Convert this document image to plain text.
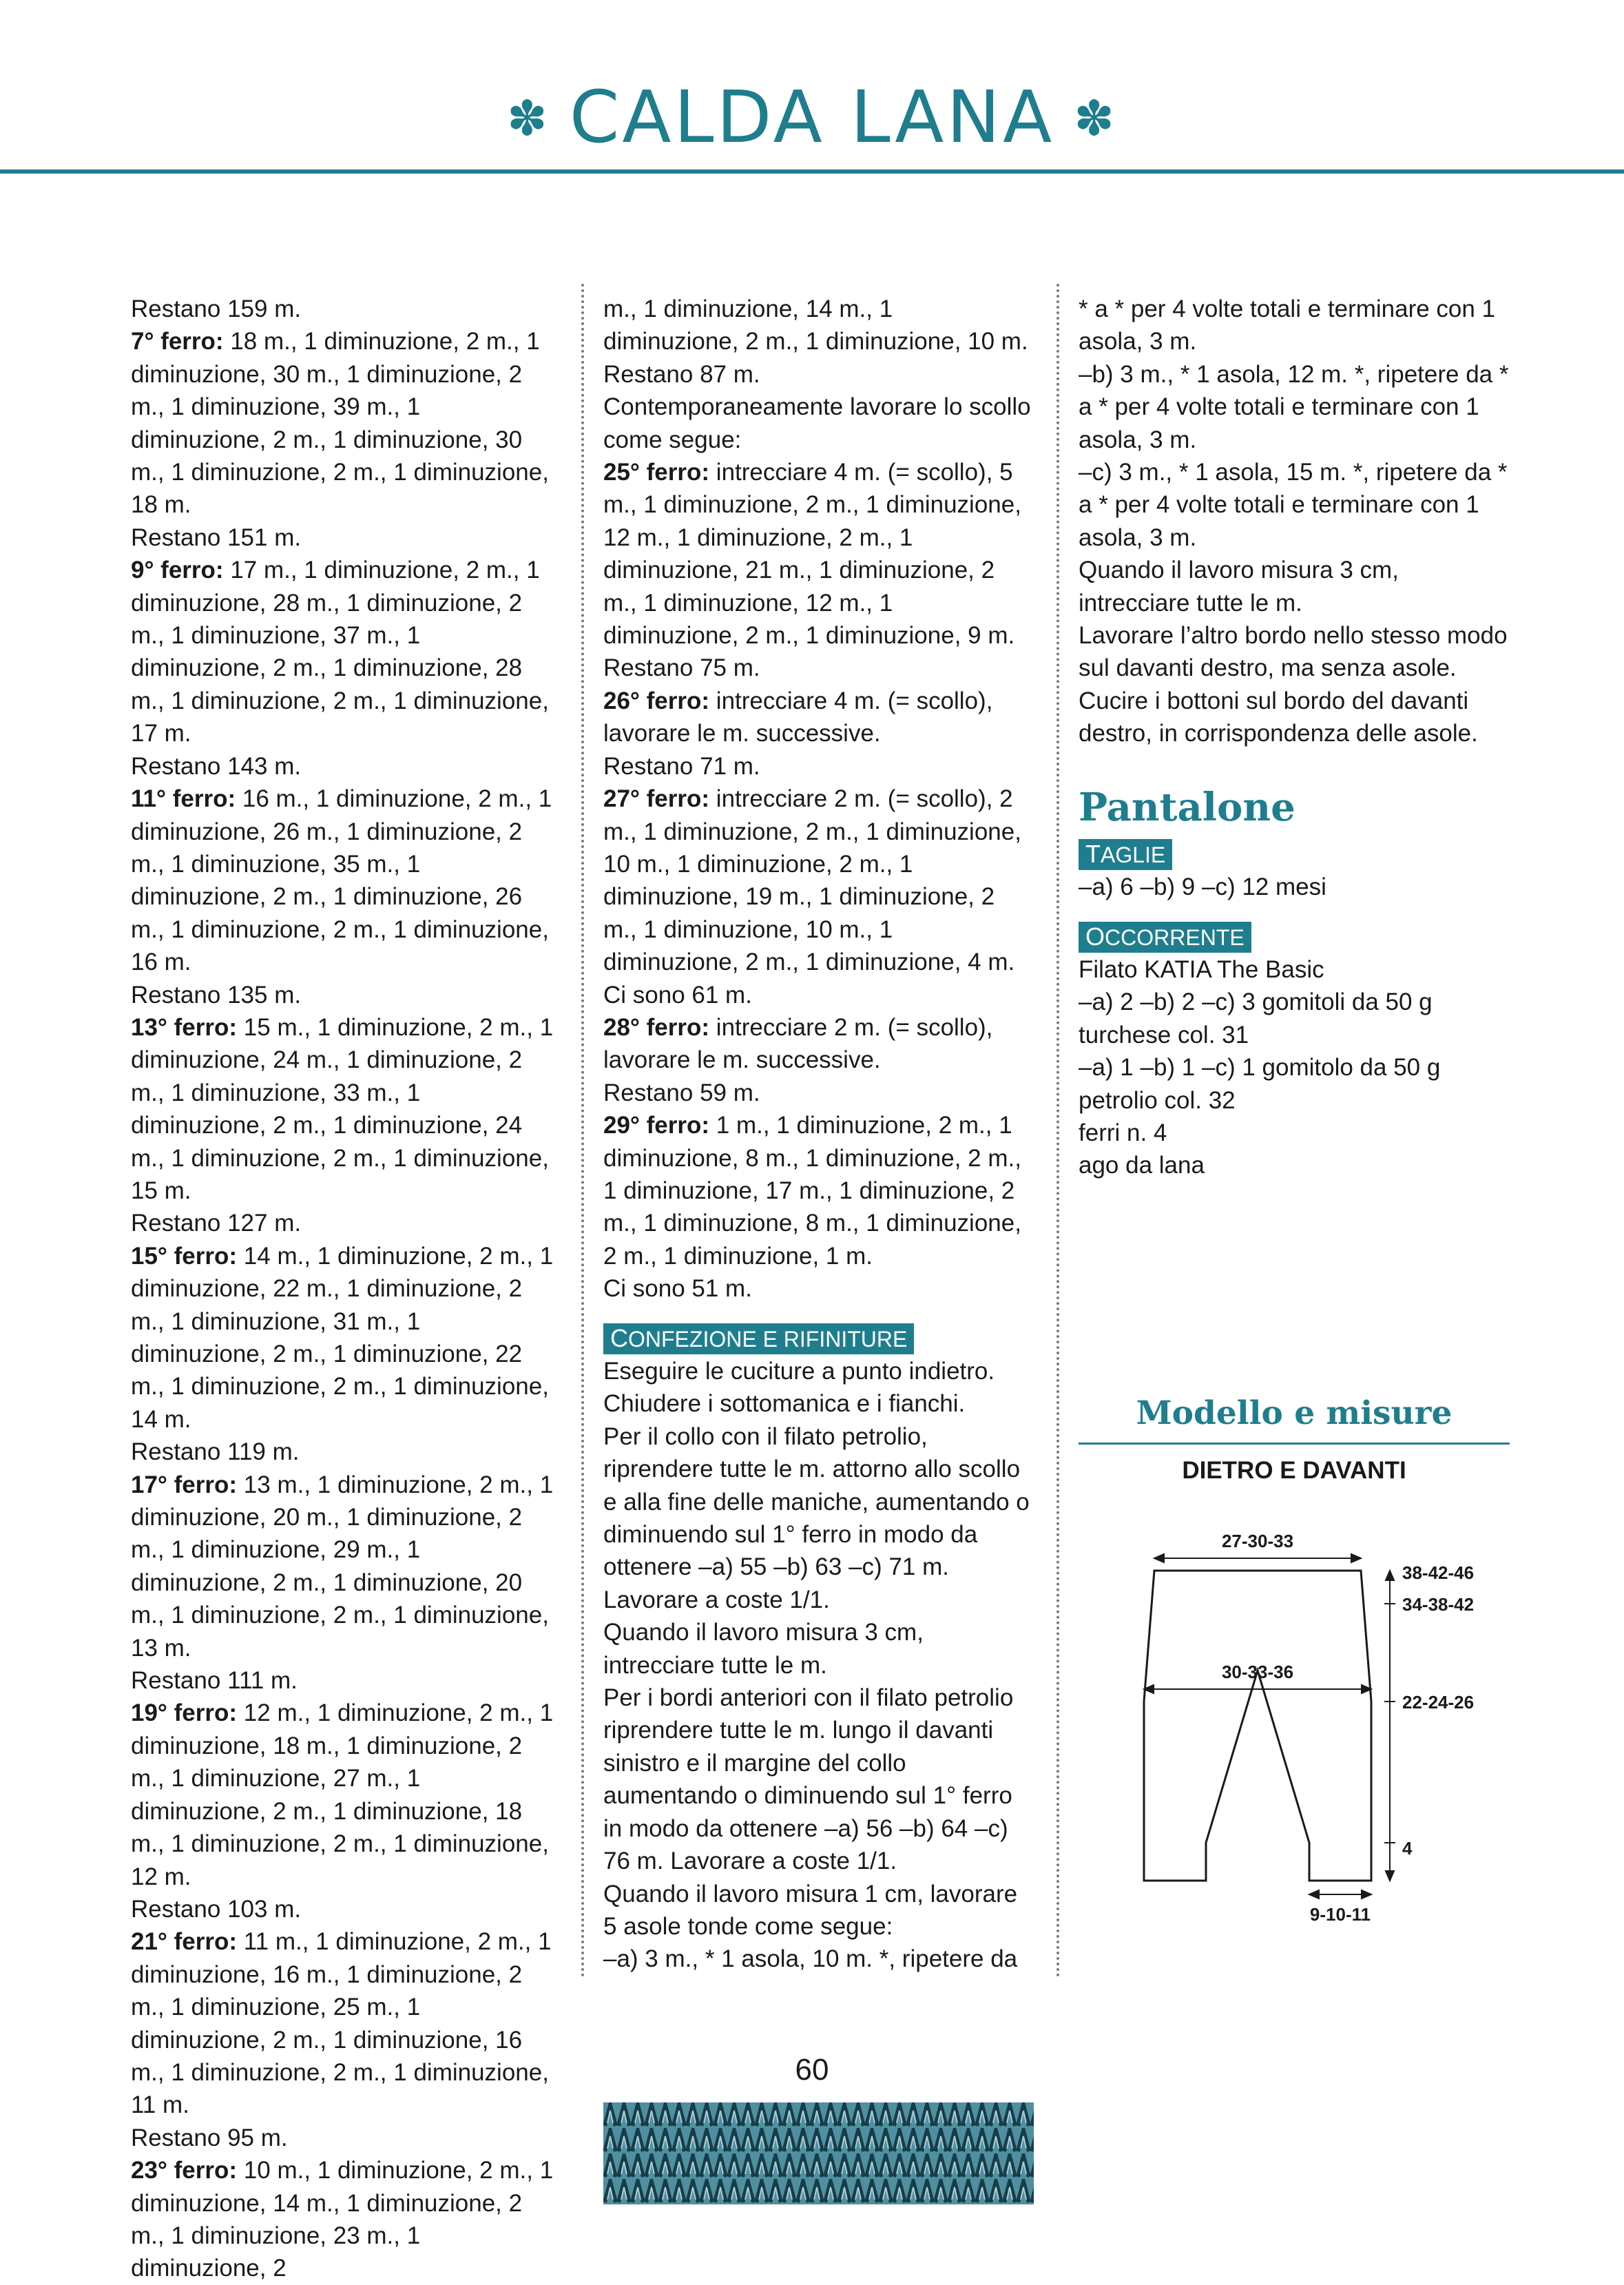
✽ CALDA LANA ✽

Restano 159 m.

7° ferro: 18 m., 1 diminuzione, 2 m., 1 diminuzione, 30 m., 1 diminuzione, 2 m., 1 diminuzione, 39 m., 1 diminuzione, 2 m., 1 diminuzione, 30 m., 1 diminuzione, 2 m., 1 diminuzione, 18 m.

Restano 151 m.

9° ferro: 17 m., 1 diminuzione, 2 m., 1 diminuzione, 28 m., 1 diminuzione, 2 m., 1 diminuzione, 37 m., 1 diminuzione, 2 m., 1 diminuzione, 28 m., 1 diminuzione, 2 m., 1 diminuzione, 17 m.

Restano 143 m.

11° ferro: 16 m., 1 diminuzione, 2 m., 1 diminuzione, 26 m., 1 diminuzione, 2 m., 1 diminuzione, 35 m., 1 diminuzione, 2 m., 1 diminuzione, 26 m., 1 diminuzione, 2 m., 1 diminuzione, 16 m.

Restano 135 m.

13° ferro: 15 m., 1 diminuzione, 2 m., 1 diminuzione, 24 m., 1 diminuzione, 2 m., 1 diminuzione, 33 m., 1 diminuzione, 2 m., 1 diminuzione, 24 m., 1 diminuzione, 2 m., 1 diminuzione, 15 m.

Restano 127 m.

15° ferro: 14 m., 1 diminuzione, 2 m., 1 diminuzione, 22 m., 1 diminuzione, 2 m., 1 diminuzione, 31 m., 1 diminuzione, 2 m., 1 diminuzione, 22 m., 1 diminuzione, 2 m., 1 diminuzione, 14 m.

Restano 119 m.

17° ferro: 13 m., 1 diminuzione, 2 m., 1 diminuzione, 20 m., 1 diminuzione, 2 m., 1 diminuzione, 29 m., 1 diminuzione, 2 m., 1 diminuzione, 20 m., 1 diminuzione, 2 m., 1 diminuzione, 13 m.

Restano 111 m.

19° ferro: 12 m., 1 diminuzione, 2 m., 1 diminuzione, 18 m., 1 diminuzione, 2 m., 1 diminuzione, 27 m., 1 diminuzione, 2 m., 1 diminuzione, 18 m., 1 diminuzione, 2 m., 1 diminuzione, 12 m.

Restano 103 m.

21° ferro: 11 m., 1 diminuzione, 2 m., 1 diminuzione, 16 m., 1 diminuzione, 2 m., 1 diminuzione, 25 m., 1 diminuzione, 2 m., 1 diminuzione, 16 m., 1 diminuzione, 2 m., 1 diminuzione, 11 m.

Restano 95 m.

23° ferro: 10 m., 1 diminuzione, 2 m., 1 diminuzione, 14 m., 1 diminuzione, 2 m., 1 diminuzione, 23 m., 1 diminuzione, 2

m., 1 diminuzione, 14 m., 1 diminuzione, 2 m., 1 diminuzione, 10 m.

Restano 87 m.

Contemporaneamente lavorare lo scollo come segue:

25° ferro: intrecciare 4 m. (= scollo), 5 m., 1 diminuzione, 2 m., 1 diminuzione, 12 m., 1 diminuzione, 2 m., 1 diminuzione, 21 m., 1 diminuzione, 2 m., 1 diminuzione, 12 m., 1 diminuzione, 2 m., 1 diminuzione, 9 m.

Restano 75 m.

26° ferro: intrecciare 4 m. (= scollo), lavorare le m. successive.

Restano 71 m.

27° ferro: intrecciare 2 m. (= scollo), 2 m., 1 diminuzione, 2 m., 1 diminuzione, 10 m., 1 diminuzione, 2 m., 1 diminuzione, 19 m., 1 diminuzione, 2 m., 1 diminuzione, 10 m., 1 diminuzione, 2 m., 1 diminuzione, 4 m.

Ci sono 61 m.

28° ferro: intrecciare 2 m. (= scollo), lavorare le m. successive.

Restano 59 m.

29° ferro: 1 m., 1 diminuzione, 2 m., 1 diminuzione, 8 m., 1 diminuzione, 2 m., 1 diminuzione, 17 m., 1 diminuzione, 2 m., 1 diminuzione, 8 m., 1 diminuzione, 2 m., 1 diminuzione, 1 m.

Ci sono 51 m.

CONFEZIONE E RIFINITURE

Eseguire le cuciture a punto indietro.

Chiudere i sottomanica e i fianchi.

Per il collo con il filato petrolio, riprendere tutte le m. attorno allo scollo e alla fine delle maniche, aumentando o diminuendo sul 1° ferro in modo da ottenere –a) 55 –b) 63 –c) 71 m.

Lavorare a coste 1/1.

Quando il lavoro misura 3 cm, intrecciare tutte le m.

Per i bordi anteriori con il filato petrolio riprendere tutte le m. lungo il davanti sinistro e il margine del collo aumentando o diminuendo sul 1° ferro in modo da ottenere –a) 56 –b) 64 –c) 76 m. Lavorare a coste 1/1.

Quando il lavoro misura 1 cm, lavorare 5 asole tonde come segue:

–a) 3 m., * 1 asola, 10 m. *, ripetere da

* a * per 4 volte totali e terminare con 1 asola, 3 m.

–b) 3 m., * 1 asola, 12 m. *, ripetere da * a * per 4 volte totali e terminare con 1 asola, 3 m.

–c) 3 m., * 1 asola, 15 m. *, ripetere da * a * per 4 volte totali e terminare con 1 asola, 3 m.

Quando il lavoro misura 3 cm, intrecciare tutte le m.

Lavorare l’altro bordo nello stesso modo sul davanti destro, ma senza asole.

Cucire i bottoni sul bordo del davanti destro, in corrispondenza delle asole.

Pantalone
TAGLIE

–a) 6 –b) 9 –c) 12 mesi

OCCORRENTE

Filato KATIA The Basic

–a) 2 –b) 2 –c) 3 gomitoli da 50 g

turchese col. 31

–a) 1 –b) 1 –c) 1 gomitolo da 50 g

petrolio col. 32

ferri n. 4

ago da lana

Modello e misure
DIETRO E DAVANTI
27-30-33
30-33-36
9-10-11
38-42-46
34-38-42
22-24-26
4
60
